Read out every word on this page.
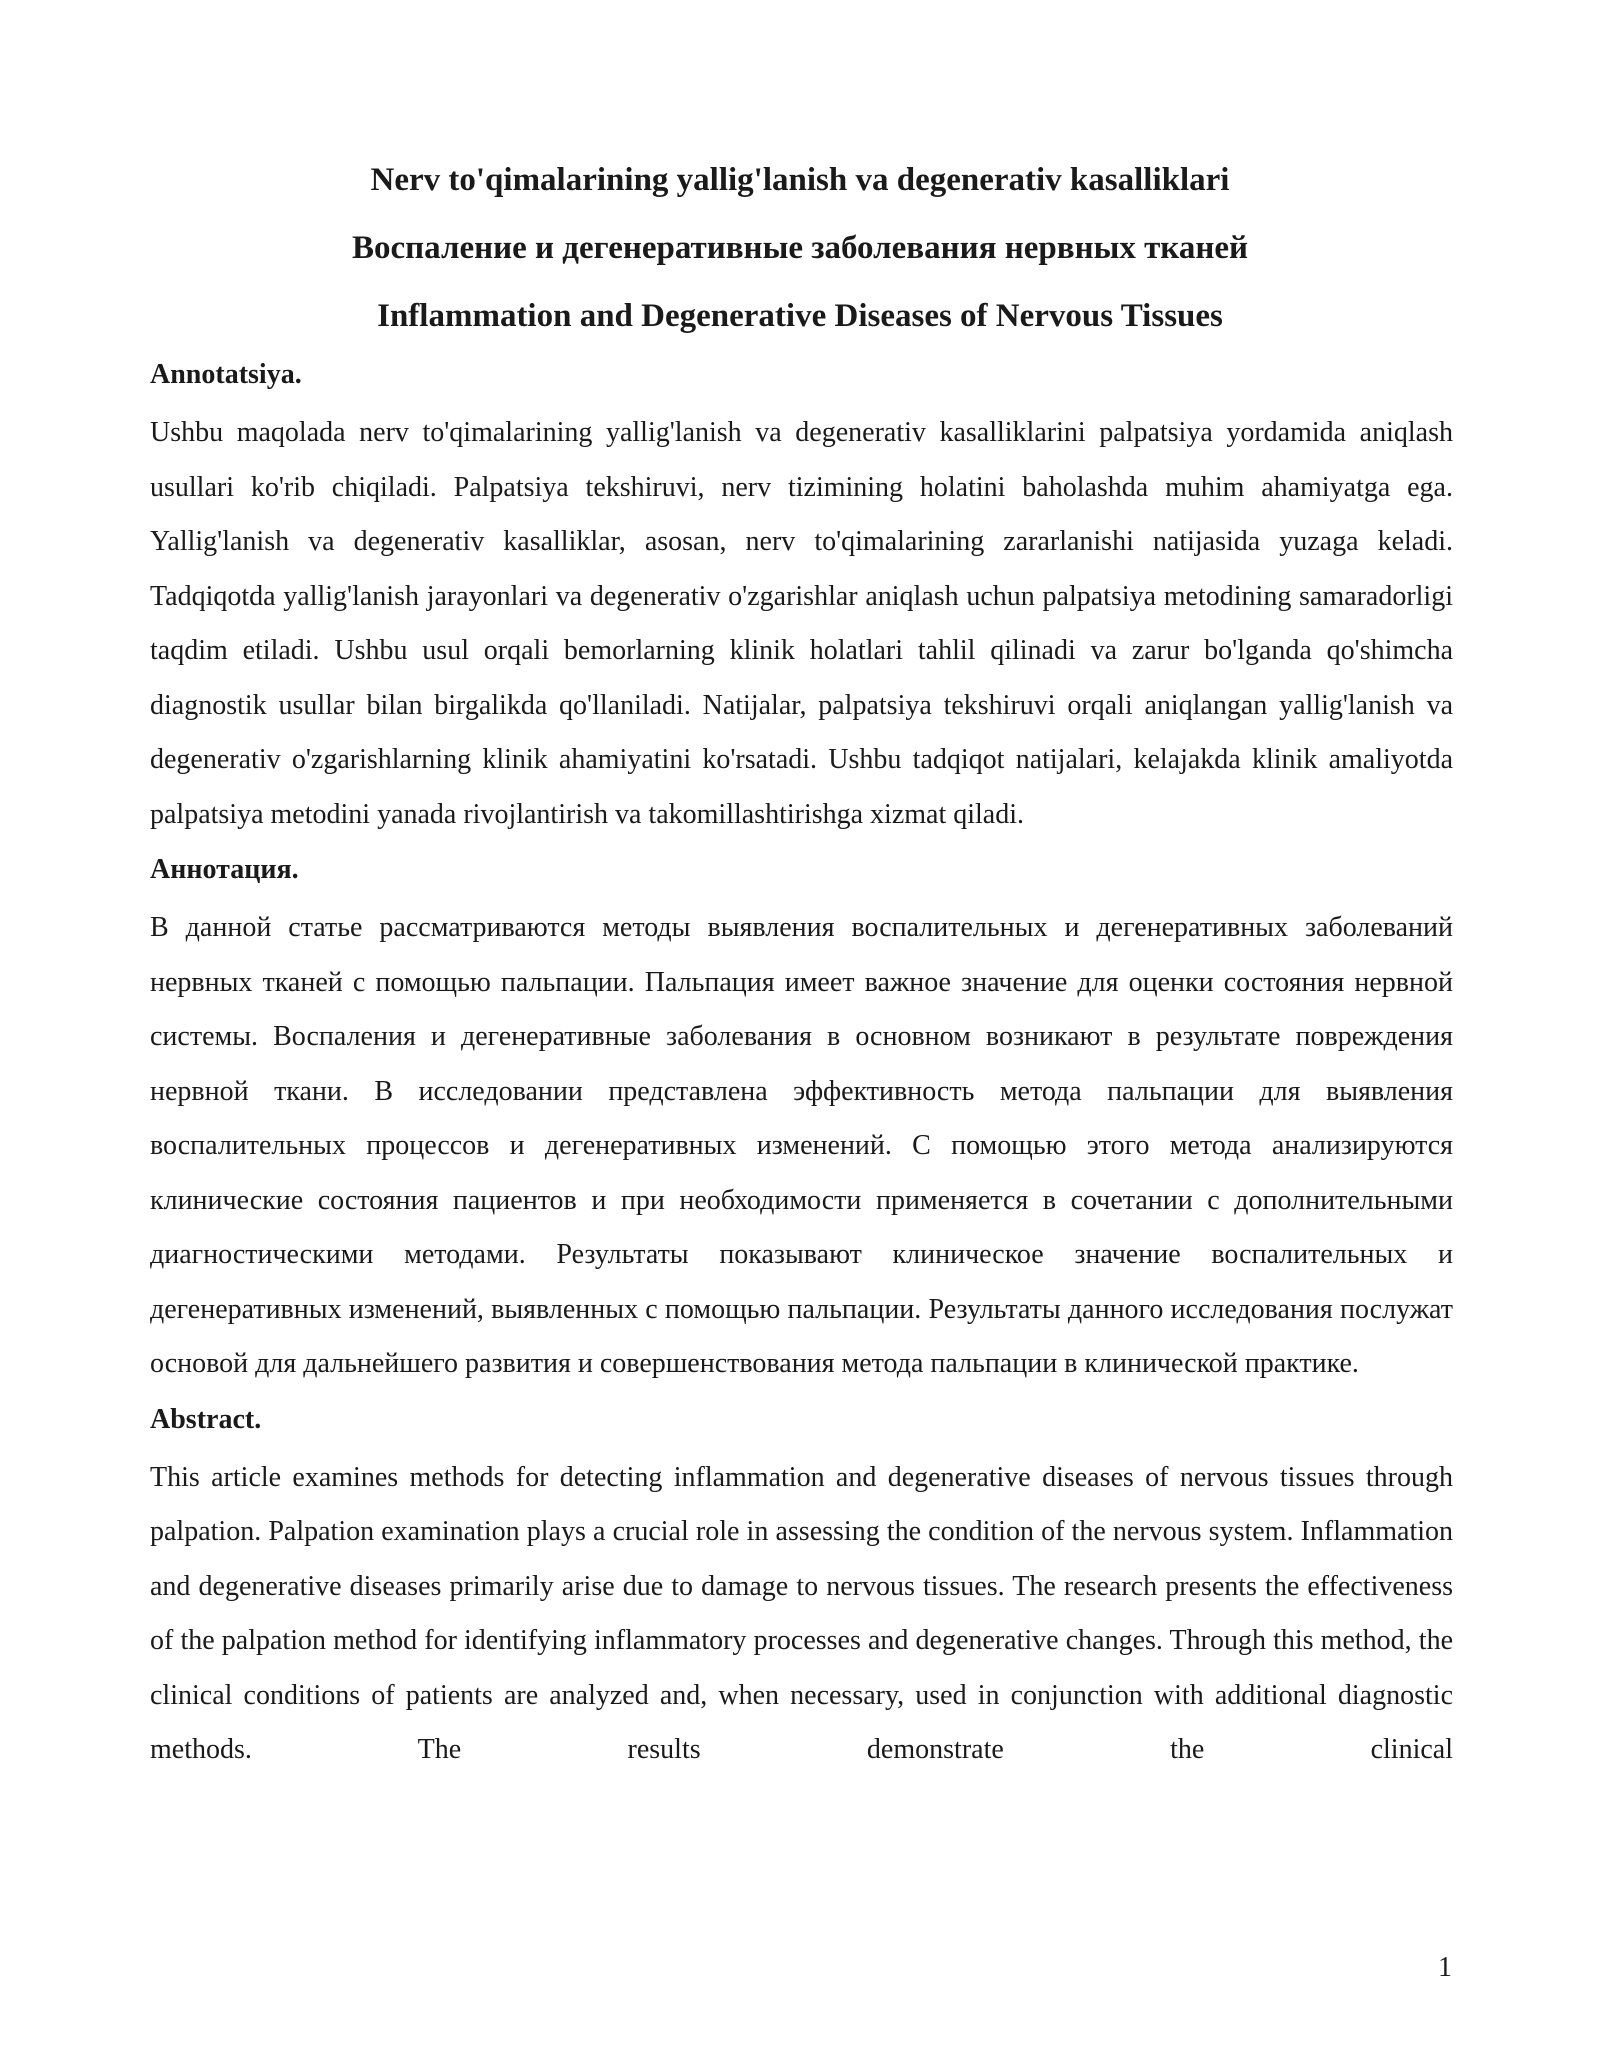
Nerv to'qimalarining yallig'lanish va degenerativ kasalliklari
Воспаление и дегенеративные заболевания нервных тканей
Inflammation and Degenerative Diseases of Nervous Tissues
Annotatsiya.

Ushbu maqolada nerv to'qimalarining yallig'lanish va degenerativ kasalliklarini palpatsiya yordamida aniqlash usullari ko'rib chiqiladi. Palpatsiya tekshiruvi, nerv tizimining holatini baholashda muhim ahamiyatga ega. Yallig'lanish va degenerativ kasalliklar, asosan, nerv to'qimalarining zararlanishi natijasida yuzaga keladi. Tadqiqotda yallig'lanish jarayonlari va degenerativ o'zgarishlar aniqlash uchun palpatsiya metodining samaradorligi taqdim etiladi. Ushbu usul orqali bemorlarning klinik holatlari tahlil qilinadi va zarur bo'lganda qo'shimcha diagnostik usullar bilan birgalikda qo'llaniladi. Natijalar, palpatsiya tekshiruvi orqali aniqlangan yallig'lanish va degenerativ o'zgarishlarning klinik ahamiyatini ko'rsatadi. Ushbu tadqiqot natijalari, kelajakda klinik amaliyotda palpatsiya metodini yanada rivojlantirish va takomillashtirishga xizmat qiladi.

Аннотация.

В данной статье рассматриваются методы выявления воспалительных и дегенеративных заболеваний нервных тканей с помощью пальпации. Пальпация имеет важное значение для оценки состояния нервной системы. Воспаления и дегенеративные заболевания в основном возникают в результате повреждения нервной ткани. В исследовании представлена эффективность метода пальпации для выявления воспалительных процессов и дегенеративных изменений. С помощью этого метода анализируются клинические состояния пациентов и при необходимости применяется в сочетании с дополнительными диагностическими методами. Результаты показывают клиническое значение воспалительных и дегенеративных изменений, выявленных с помощью пальпации. Результаты данного исследования послужат основой для дальнейшего развития и совершенствования метода пальпации в клинической практике.

Abstract.

This article examines methods for detecting inflammation and degenerative diseases of nervous tissues through palpation. Palpation examination plays a crucial role in assessing the condition of the nervous system. Inflammation and degenerative diseases primarily arise due to damage to nervous tissues. The research presents the effectiveness of the palpation method for identifying inflammatory processes and degenerative changes. Through this method, the clinical conditions of patients are analyzed and, when necessary, used in conjunction with additional diagnostic methods. The results demonstrate the clinical

1
